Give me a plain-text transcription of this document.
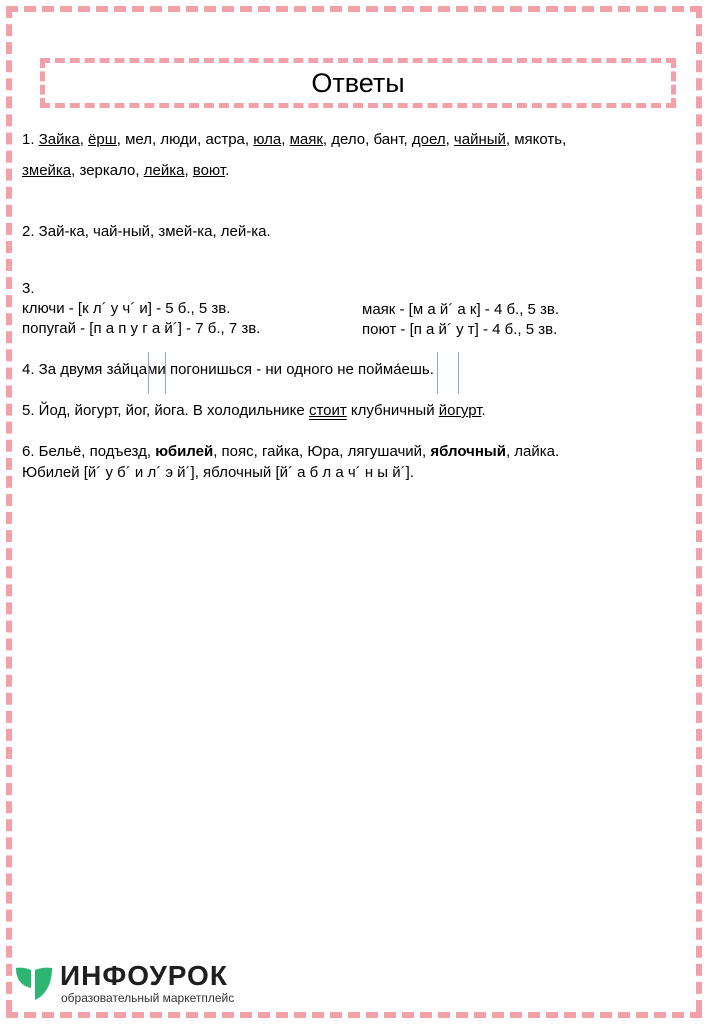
Ответы
1. Зайка, ёрш, мел, люди, астра, юла, маяк, дело, бант, доел, чайный, мякоть,
змейка, зеркало, лейка, воют.
2. Зай-ка, чай-ный, змей-ка, лей-ка.
3.
ключи - [к л´ у ч´ и] - 5 б., 5 зв.
попугай - [п а п у г а й´] - 7 б., 7 зв.
маяк - [м а й´ а к] - 4 б., 5 зв.
поют - [п а й´ у т] - 4 б., 5 зв.
4. За двумя за́йцами погонишься - ни одного не пойма́ешь.
5. Йод, йогурт, йог, йога. В холодильнике стоит клубничный йогурт.
6. Бельё, подъезд, юбилей, пояс, гайка, Юра, лягушачий, яблочный, лайка.
Юбилей [й´ у б´ и л´ э й´], яблочный [й´ а б л а ч´ н ы й´].
ИНФОУРОК
образовательный маркетплейс
